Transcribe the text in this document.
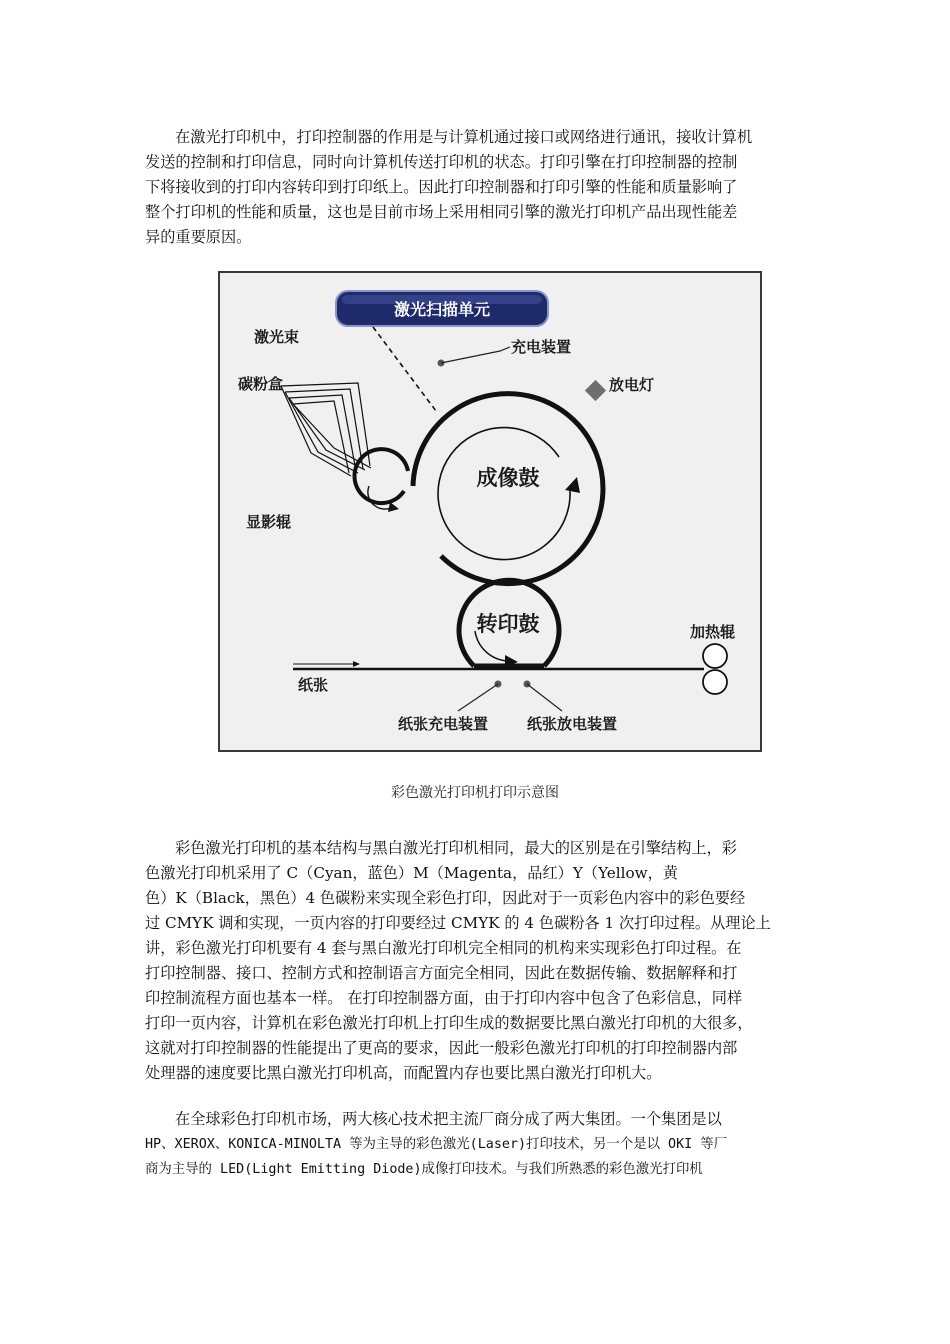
在激光打印机中，打印控制器的作用是与计算机通过接口或网络进行通讯，接收计算机
发送的控制和打印信息，同时向计算机传送打印机的状态。打印引擎在打印控制器的控制
下将接收到的打印内容转印到打印纸上。因此打印控制器和打印引擎的性能和质量影响了
整个打印机的性能和质量，这也是目前市场上采用相同引擎的激光打印机产品出现性能差
异的重要原因。

激光扫描单元
激光束
充电装置
成像鼓
放电灯
碳粉盒
显影辊
转印鼓
纸张
加热辊
纸张充电装置	纸张放电装置
彩色激光打印机打印示意图

彩色激光打印机的基本结构与黑白激光打印机相同，最大的区别是在引擎结构上，彩
色激光打印机采用了 C（Cyan，蓝色）M（Magenta，品红）Y（Yellow，黄
色）K（Black，黑色）4 色碳粉来实现全彩色打印，因此对于一页彩色内容中的彩色要经
过 CMYK 调和实现，一页内容的打印要经过 CMYK 的 4 色碳粉各 1 次打印过程。从理论上
讲，彩色激光打印机要有 4 套与黑白激光打印机完全相同的机构来实现彩色打印过程。在
打印控制器、接口、控制方式和控制语言方面完全相同，因此在数据传输、数据解释和打
印控制流程方面也基本一样。 在打印控制器方面，由于打印内容中包含了色彩信息，同样
打印一页内容，计算机在彩色激光打印机上打印生成的数据要比黑白激光打印机的大很多，
这就对打印控制器的性能提出了更高的要求，因此一般彩色激光打印机的打印控制器内部
处理器的速度要比黑白激光打印机高，而配置内存也要比黑白激光打印机大。

在全球彩色打印机市场，两大核心技术把主流厂商分成了两大集团。一个集团是以
HP、XEROX、KONICA-MINOLTA 等为主导的彩色激光(Laser)打印技术，另一个是以 OKI 等厂
商为主导的 LED(Light Emitting Diode)成像打印技术。与我们所熟悉的彩色激光打印机
